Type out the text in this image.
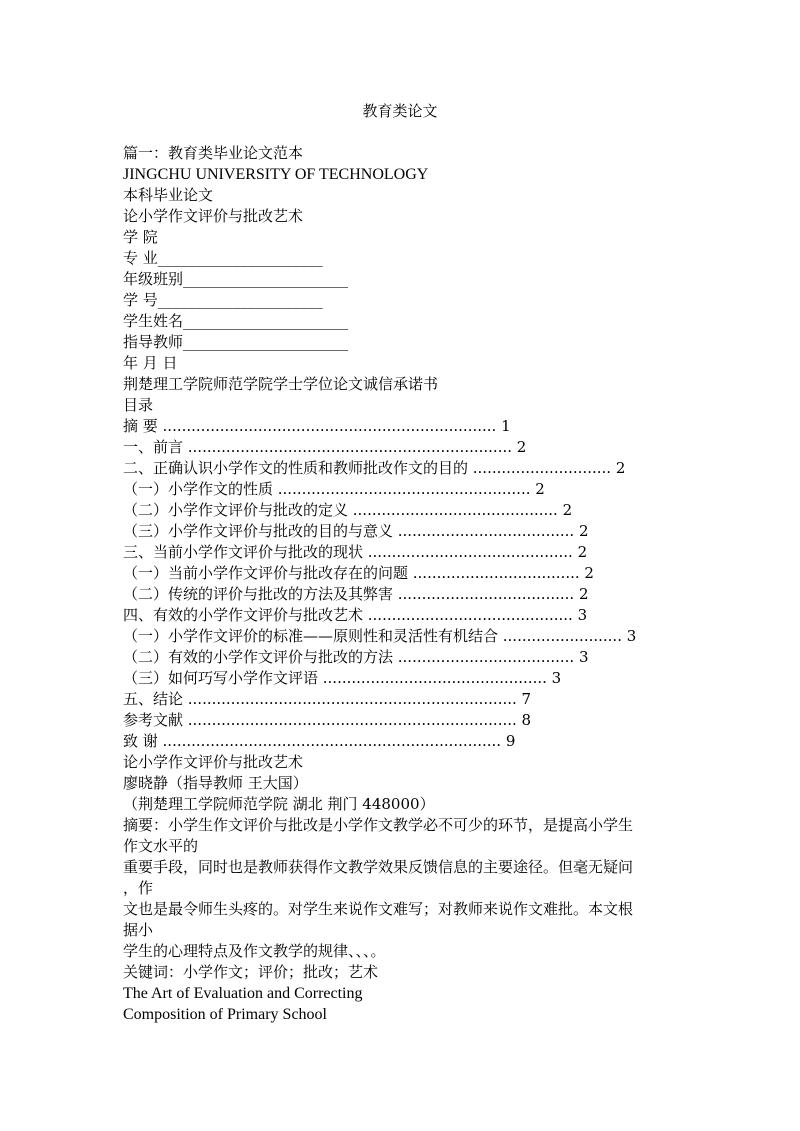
教育类论文
篇一：教育类毕业论文范本
JINGCHU UNIVERSITY OF TECHNOLOGY
本科毕业论文
论小学作文评价与批改艺术
学 院
专 业______________________
年级班别______________________
学 号______________________
学生姓名______________________
指导教师______________________
年 月 日
荆楚理工学院师范学院学士学位论文诚信承诺书
目录
摘 要 ...................................................................... 1
一、前言 .................................................................... 2
二、正确认识小学作文的性质和教师批改作文的目的 ............................. 2
（一）小学作文的性质 ..................................................... 2
（二）小学作文评价与批改的定义 ........................................... 2
（三）小学作文评价与批改的目的与意义 ..................................... 2
三、当前小学作文评价与批改的现状 ........................................... 2
（一）当前小学作文评价与批改存在的问题 ................................... 2
（二）传统的评价与批改的方法及其弊害 ..................................... 2
四、有效的小学作文评价与批改艺术 ........................................... 3
（一）小学作文评价的标准——原则性和灵活性有机结合 ......................... 3
（二）有效的小学作文评价与批改的方法 ..................................... 3
（三）如何巧写小学作文评语 ............................................... 3
五、结论 ..................................................................... 7
参考文献 ..................................................................... 8
致 谢 ....................................................................... 9
论小学作文评价与批改艺术
廖晓静（指导教师 王大国）
（荆楚理工学院师范学院 湖北 荆门 448000）
摘要：小学生作文评价与批改是小学作文教学必不可少的环节，是提高小学生
作文水平的
重要手段，同时也是教师获得作文教学效果反馈信息的主要途径。但毫无疑问
，作
文也是最令师生头疼的。对学生来说作文难写；对教师来说作文难批。本文根
据小
学生的心理特点及作文教学的规律、、、。
关键词：小学作文；评价；批改；艺术
The Art of Evaluation and Correcting
Composition of Primary School
